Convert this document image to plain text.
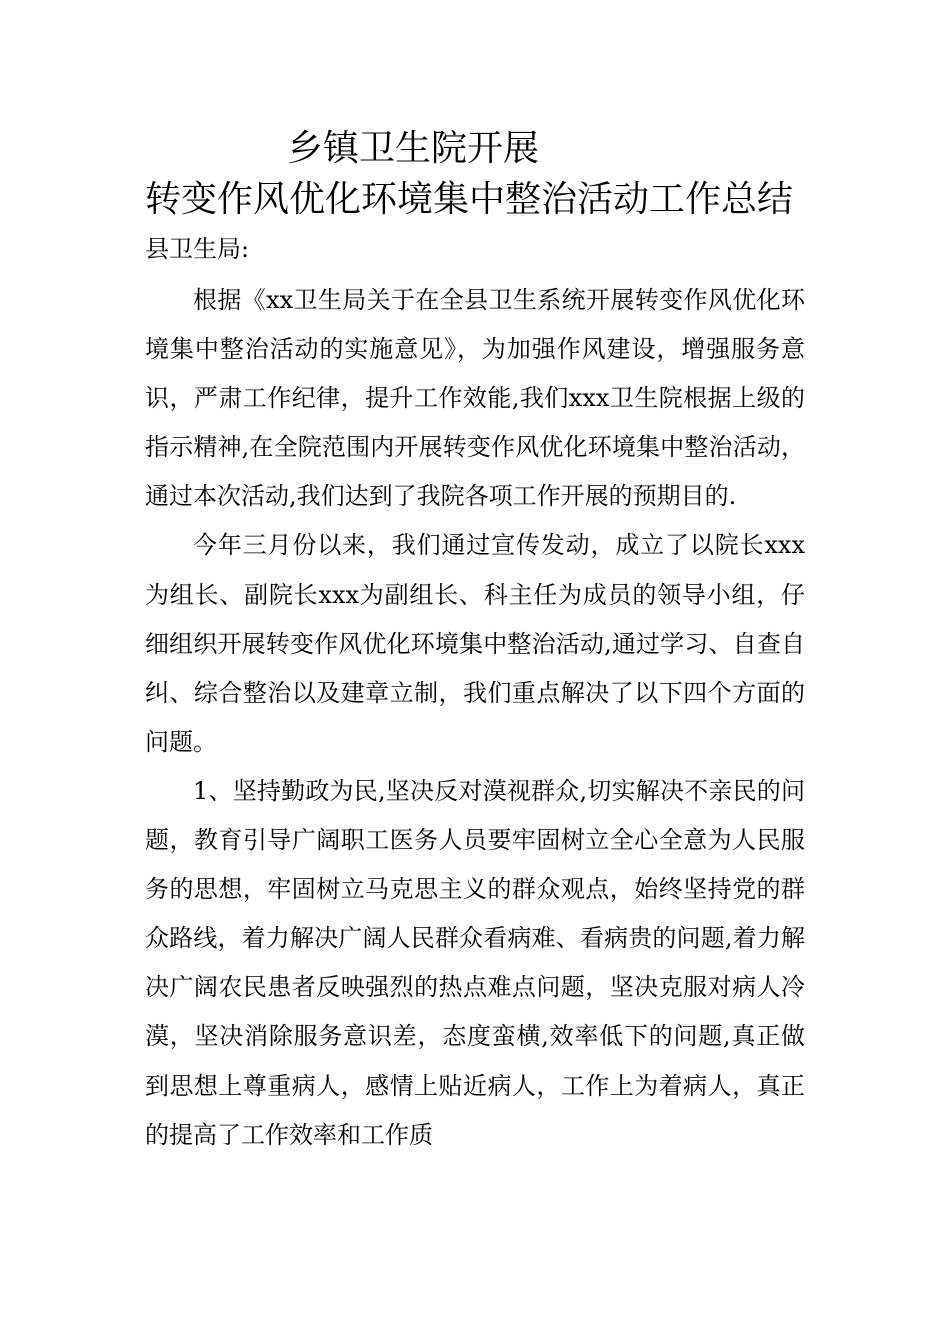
乡镇卫生院开展
转变作风优化环境集中整治活动工作总结
县卫生局:

根据《xx卫生局关于在全县卫生系统开展转变作风优化环境集中整治活动的实施意见》，为加强作风建设，增强服务意识，严肃工作纪律，提升工作效能,我们xxx卫生院根据上级的指示精神,在全院范围内开展转变作风优化环境集中整治活动，通过本次活动,我们达到了我院各项工作开展的预期目的.

今年三月份以来，我们通过宣传发动，成立了以院长xxx为组长、副院长xxx为副组长、科主任为成员的领导小组，仔细组织开展转变作风优化环境集中整治活动,通过学习、自查自纠、综合整治以及建章立制，我们重点解决了以下四个方面的问题。

1、坚持勤政为民,坚决反对漠视群众,切实解决不亲民的问题，教育引导广阔职工医务人员要牢固树立全心全意为人民服务的思想，牢固树立马克思主义的群众观点，始终坚持党的群众路线，着力解决广阔人民群众看病难、看病贵的问题,着力解决广阔农民患者反映强烈的热点难点问题，坚决克服对病人冷漠，坚决消除服务意识差，态度蛮横,效率低下的问题,真正做到思想上尊重病人，感情上贴近病人，工作上为着病人，真正的提高了工作效率和工作质
